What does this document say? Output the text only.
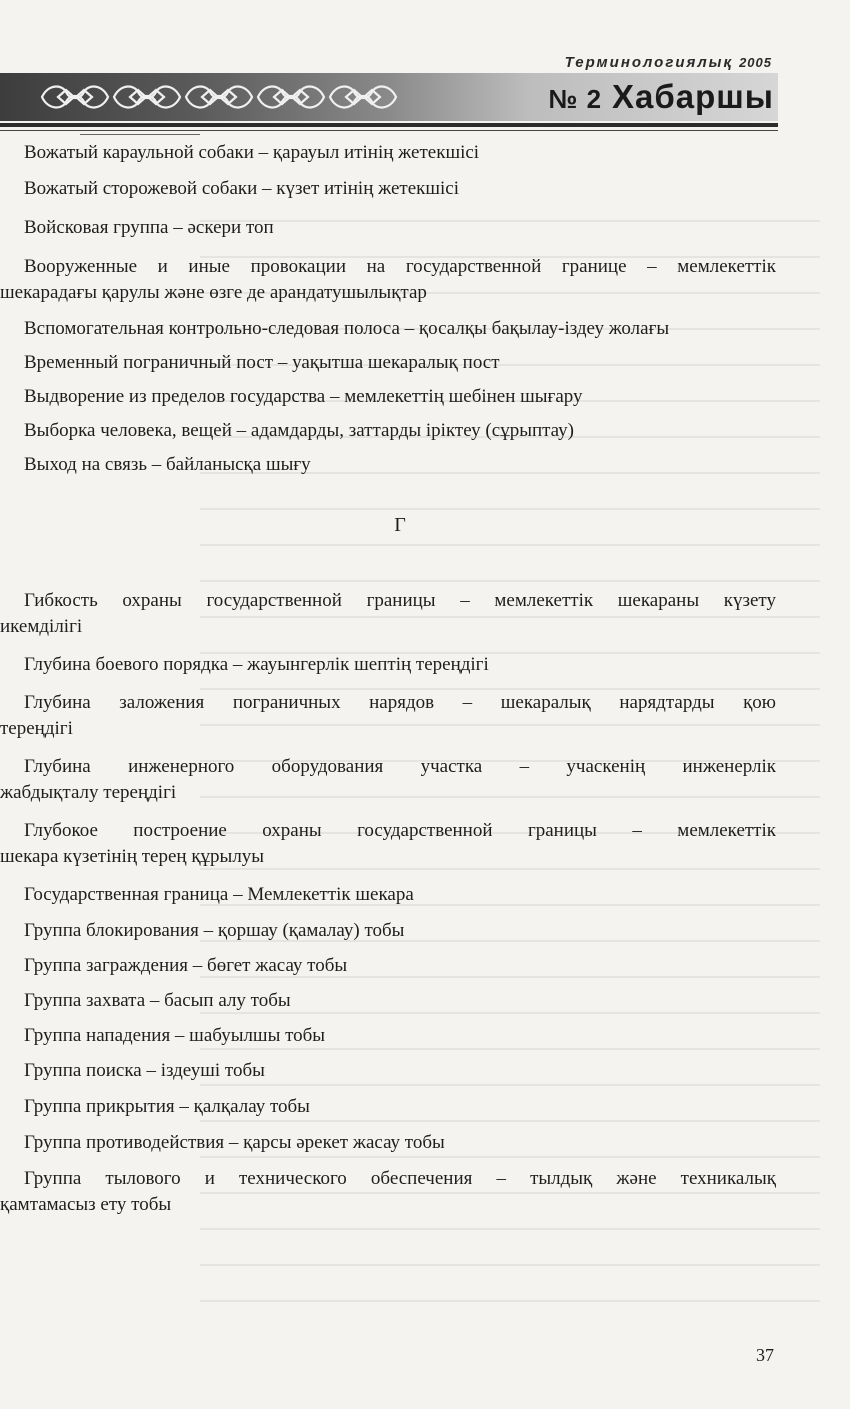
Терминологиялық 2005
№ 2 Хабаршы

Вожатый караульной собаки – қарауыл итінің жетекшісі

Вожатый сторожевой собаки – күзет итінің жетекшісі

Войсковая группа – әскери топ

Вооруженные и иные провокации на государственной границе – мемлекеттік
шекарадағы қарулы және өзге де арандатушылықтар

Вспомогательная контрольно-следовая полоса – қосалқы бақылау-іздеу жолағы

Временный пограничный пост – уақытша шекаралық пост

Выдворение из пределов государства – мемлекеттің шебінен шығару

Выборка человека, вещей – адамдарды, заттарды іріктеу (сұрыптау)

Выход на связь – байланысқа шығу

Г

Гибкость охраны государственной границы – мемлекеттік шекараны күзету
икемділігі

Глубина боевого порядка – жауынгерлік шептің тереңдігі

Глубина заложения пограничных нарядов – шекаралық нарядтарды қою
тереңдігі

Глубина инженерного оборудования участка – учаскенің инженерлік
жабдықталу тереңдігі

Глубокое построение охраны государственной границы – мемлекеттік
шекара күзетінің терең құрылуы

Государственная граница – Мемлекеттік шекара

Группа блокирования – қоршау (қамалау) тобы

Группа заграждения – бөгет жасау тобы

Группа захвата – басып алу тобы

Группа нападения – шабуылшы тобы

Группа поиска – іздеуші тобы

Группа прикрытия – қалқалау тобы

Группа противодействия – қарсы әрекет жасау тобы

Группа тылового и технического обеспечения – тылдық және техникалық
қамтамасыз ету тобы

37
